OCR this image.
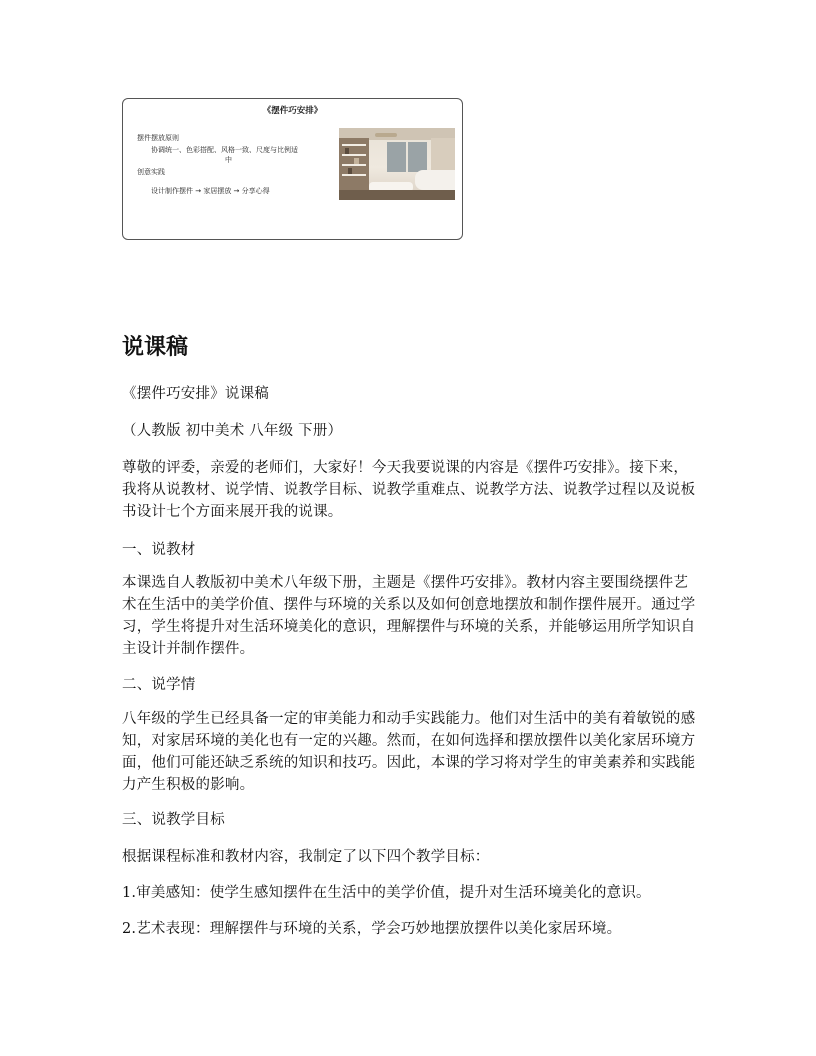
《摆件巧安排》
摆件摆放原则
协调统一、色彩搭配、风格一致、尺度与比例适
中
创意实践
设计制作摆件 → 家居摆放 → 分享心得
说课稿
《摆件巧安排》说课稿
（人教版 初中美术 八年级 下册）
尊敬的评委，亲爱的老师们，大家好！今天我要说课的内容是《摆件巧安排》。接下来，我将从说教材、说学情、说教学目标、说教学重难点、说教学方法、说教学过程以及说板书设计七个方面来展开我的说课。
一、说教材
本课选自人教版初中美术八年级下册，主题是《摆件巧安排》。教材内容主要围绕摆件艺术在生活中的美学价值、摆件与环境的关系以及如何创意地摆放和制作摆件展开。通过学习，学生将提升对生活环境美化的意识，理解摆件与环境的关系，并能够运用所学知识自主设计并制作摆件。
二、说学情
八年级的学生已经具备一定的审美能力和动手实践能力。他们对生活中的美有着敏锐的感知，对家居环境的美化也有一定的兴趣。然而，在如何选择和摆放摆件以美化家居环境方面，他们可能还缺乏系统的知识和技巧。因此，本课的学习将对学生的审美素养和实践能力产生积极的影响。
三、说教学目标
根据课程标准和教材内容，我制定了以下四个教学目标：
1.审美感知：使学生感知摆件在生活中的美学价值，提升对生活环境美化的意识。
2.艺术表现：理解摆件与环境的关系，学会巧妙地摆放摆件以美化家居环境。
